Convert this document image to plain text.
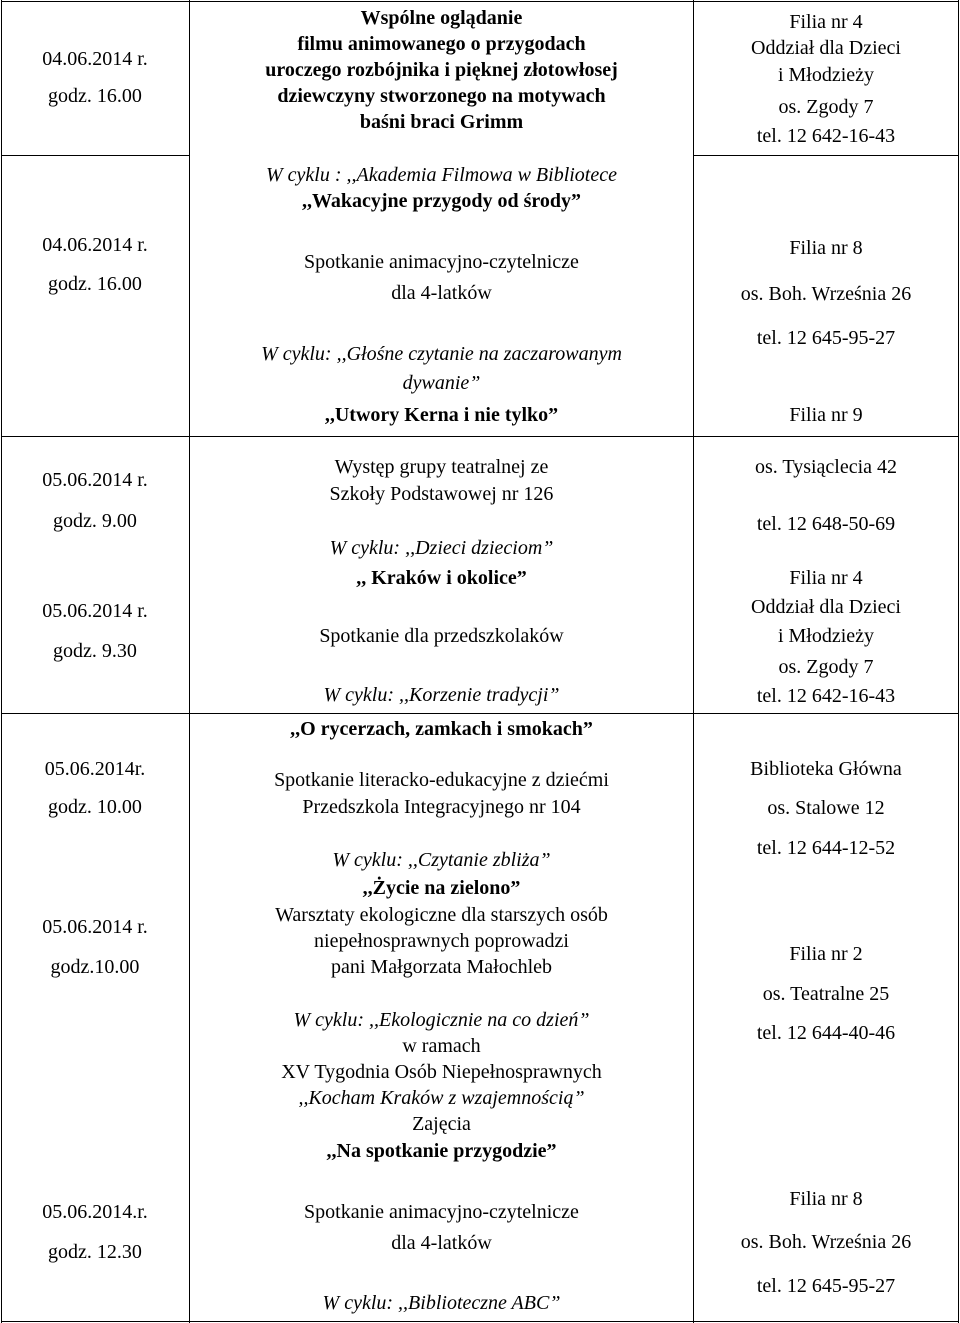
04.06.2014 r.
godz. 16.00
Wspólne oglądanie
filmu animowanego o przygodach
uroczego rozbójnika i pięknej złotowłosej
dziewczyny stworzonego na motywach
baśni braci Grimm
W cyklu : ,,Akademia Filmowa w Bibliotece
Filia nr 4
Oddział dla Dzieci
i Młodzieży
os. Zgody 7
tel. 12 642-16-43
04.06.2014 r.
godz. 16.00
,,Wakacyjne przygody od środy”
Spotkanie animacyjno-czytelnicze
dla 4-latków
W cyklu: ,,Głośne czytanie na zaczarowanym
dywanie”
Filia nr 8
os. Boh. Września 26
tel. 12 645-95-27
05.06.2014 r.
godz. 9.00
,,Utwory Kerna i nie tylko”
Występ grupy teatralnej ze
Szkoły Podstawowej nr 126
W cyklu: ,,Dzieci dzieciom”
Filia nr 9
os. Tysiąclecia 42
tel. 12 648-50-69
05.06.2014 r.
godz. 9.30
,, Kraków i okolice”
Spotkanie dla przedszkolaków
W cyklu: ,,Korzenie tradycji”
Filia nr 4
Oddział dla Dzieci
i Młodzieży
os. Zgody 7
tel. 12 642-16-43
05.06.2014r.
godz. 10.00
,,O rycerzach, zamkach i smokach”
Spotkanie literacko-edukacyjne z dziećmi
Przedszkola Integracyjnego nr 104
W cyklu: ,,Czytanie zbliża”
Biblioteka Główna
os. Stalowe 12
tel. 12 644-12-52
05.06.2014 r.
godz.10.00
,,Życie na zielono”
Warsztaty ekologiczne dla starszych osób
niepełnosprawnych poprowadzi
pani Małgorzata Małochleb
W cyklu: ,,Ekologicznie na co dzień”
w ramach
XV Tygodnia Osób Niepełnosprawnych
,,Kocham Kraków z wzajemnością”
Filia nr 2
os. Teatralne 25
tel. 12 644-40-46
05.06.2014.r.
godz. 12.30
Zajęcia
,,Na spotkanie przygodzie”
Spotkanie animacyjno-czytelnicze
dla 4-latków
W cyklu: ,,Biblioteczne ABC”
Filia nr 8
os. Boh. Września 26
tel. 12 645-95-27
